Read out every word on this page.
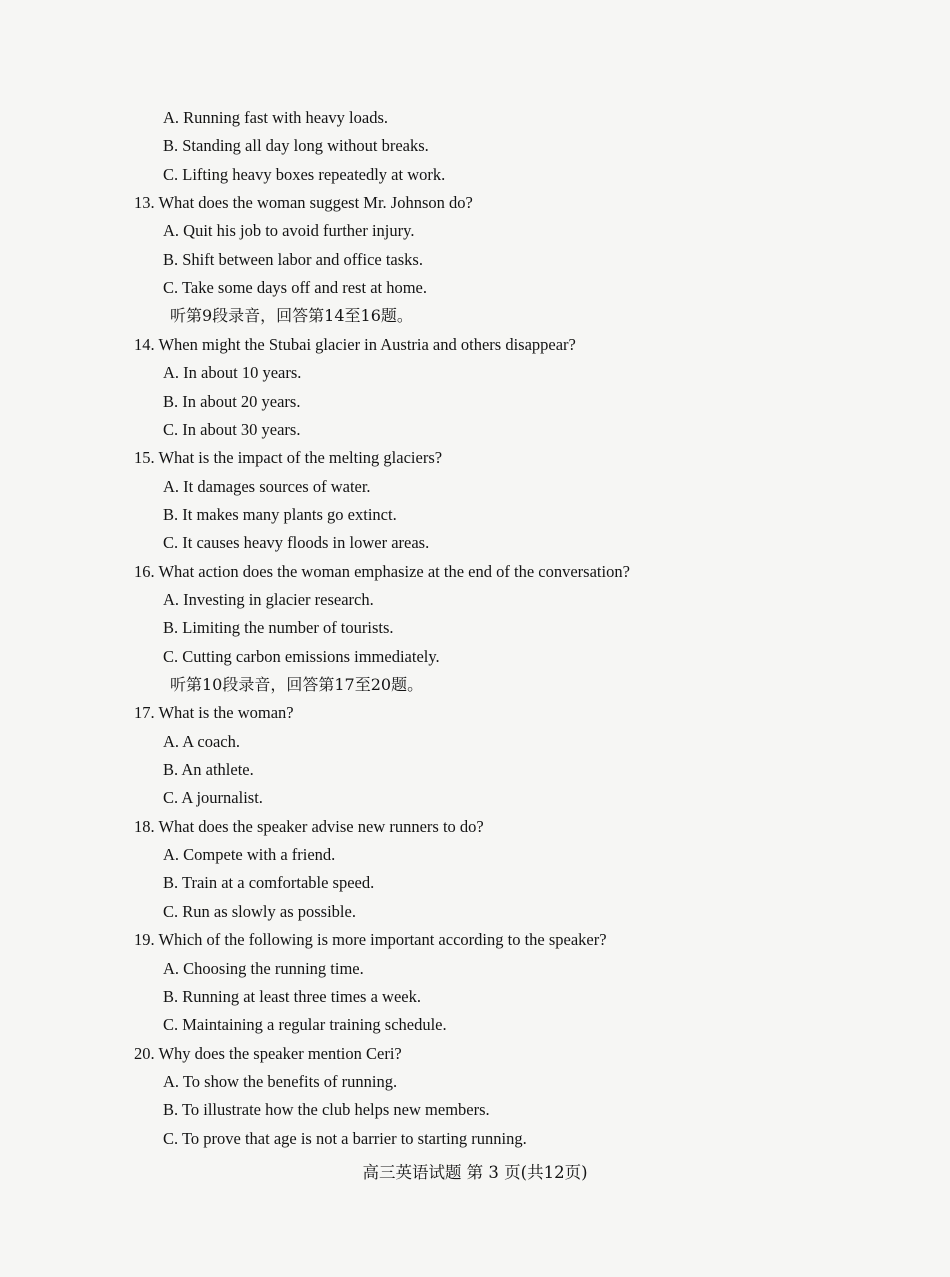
A. Running fast with heavy loads.
B. Standing all day long without breaks.
C. Lifting heavy boxes repeatedly at work.
13. What does the woman suggest Mr. Johnson do?
A. Quit his job to avoid further injury.
B. Shift between labor and office tasks.
C. Take some days off and rest at home.
听第9段录音，回答第14至16题。
14. When might the Stubai glacier in Austria and others disappear?
A. In about 10 years.
B. In about 20 years.
C. In about 30 years.
15. What is the impact of the melting glaciers?
A. It damages sources of water.
B. It makes many plants go extinct.
C. It causes heavy floods in lower areas.
16. What action does the woman emphasize at the end of the conversation?
A. Investing in glacier research.
B. Limiting the number of tourists.
C. Cutting carbon emissions immediately.
听第10段录音，回答第17至20题。
17. What is the woman?
A. A coach.
B. An athlete.
C. A journalist.
18. What does the speaker advise new runners to do?
A. Compete with a friend.
B. Train at a comfortable speed.
C. Run as slowly as possible.
19. Which of the following is more important according to the speaker?
A. Choosing the running time.
B. Running at least three times a week.
C. Maintaining a regular training schedule.
20. Why does the speaker mention Ceri?
A. To show the benefits of running.
B. To illustrate how the club helps new members.
C. To prove that age is not a barrier to starting running.
高三英语试题 第 3 页(共12页)
